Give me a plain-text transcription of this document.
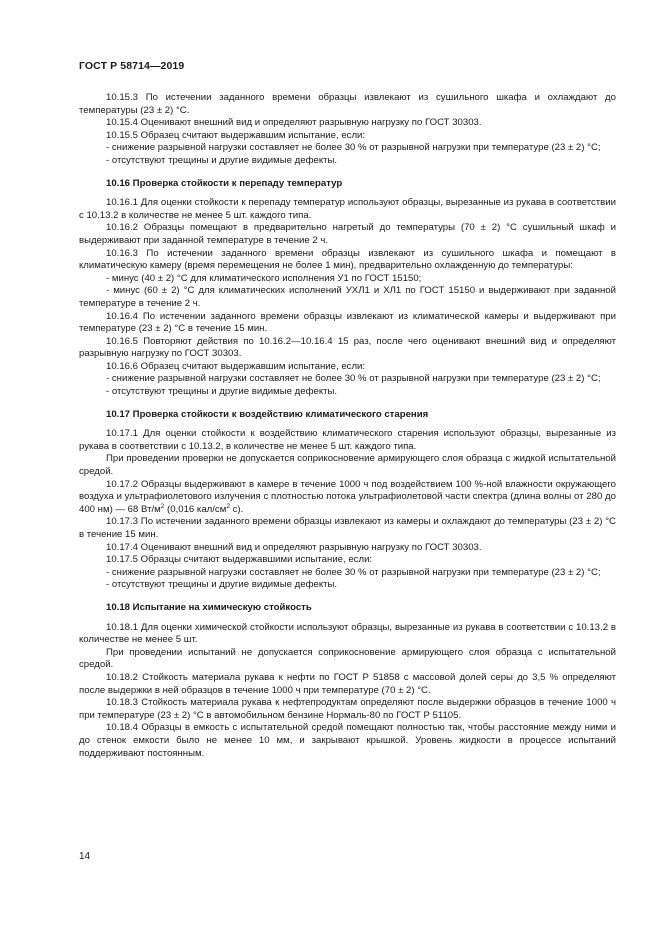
ГОСТ Р 58714—2019

10.15.3 По истечении заданного времени образцы извлекают из сушильного шкафа и охлаждают до температуры (23 ± 2) °С.

10.15.4 Оценивают внешний вид и определяют разрывную нагрузку по ГОСТ 30303.

10.15.5 Образец считают выдержавшим испытание, если:

- снижение разрывной нагрузки составляет не более 30 % от разрывной нагрузки при температуре (23 ± 2) °С;

- отсутствуют трещины и другие видимые дефекты.

10.16 Проверка стойкости к перепаду температур

10.16.1 Для оценки стойкости к перепаду температур используют образцы, вырезанные из рукава в соответствии с 10.13.2 в количестве не менее 5 шт. каждого типа.

10.16.2 Образцы помещают в предварительно нагретый до температуры (70 ± 2) °С сушильный шкаф и выдерживают при заданной температуре в течение 2 ч.

10.16.3 По истечении заданного времени образцы извлекают из сушильного шкафа и помещают в климатическую камеру (время перемещения не более 1 мин), предварительно охлажденную до температуры:

- минус (40 ± 2) °С для климатического исполнения У1 по ГОСТ 15150;

- минус (60 ± 2) °С для климатических исполнений УХЛ1 и ХЛ1 по ГОСТ 15150 и выдерживают при заданной температуре в течение 2 ч.

10.16.4 По истечении заданного времени образцы извлекают из климатической камеры и выдерживают при температуре (23 ± 2) °С в течение 15 мин.

10.16.5 Повторяют действия по 10.16.2—10.16.4 15 раз, после чего оценивают внешний вид и определяют разрывную нагрузку по ГОСТ 30303.

10.16.6 Образец считают выдержавшим испытание, если:

- снижение разрывной нагрузки составляет не более 30 % от разрывной нагрузки при температуре (23 ± 2) °С;

- отсутствуют трещины и другие видимые дефекты.

10.17 Проверка стойкости к воздействию климатического старения

10.17.1 Для оценки стойкости к воздействию климатического старения используют образцы, вырезанные из рукава в соответствии с 10.13.2, в количестве не менее 5 шт. каждого типа.

При проведении проверки не допускается соприкосновение армирующего слоя образца с жидкой испытательной средой.

10.17.2 Образцы выдерживают в камере в течение 1000 ч под воздействием 100 %-ной влажности окружающего воздуха и ультрафиолетового излучения с плотностью потока ультрафиолетовой части спектра (длина волны от 280 до 400 нм) — 68 $Вт/м^2$ (0,016 кал/$см^2$ с).

10.17.3 По истечении заданного времени образцы извлекают из камеры и охлаждают до температуры (23 ± 2) °С в течение 15 мин.

10.17.4 Оценивают внешний вид и определяют разрывную нагрузку по ГОСТ 30303.

10.17.5 Образцы считают выдержавшими испытание, если:

- снижение разрывной нагрузки составляет не более 30 % от разрывной нагрузки при температуре (23 ± 2) °С;

- отсутствуют трещины и другие видимые дефекты.

10.18 Испытание на химическую стойкость

10.18.1 Для оценки химической стойкости используют образцы, вырезанные из рукава в соответствии с 10.13.2 в количестве не менее 5 шт.

При проведении испытаний не допускается соприкосновение армирующего слоя образца с испытательной средой.

10.18.2 Стойкость материала рукава к нефти по ГОСТ Р 51858 с массовой долей серы до 3,5 % определяют после выдержки в ней образцов в течение 1000 ч при температуре (70 ± 2) °С.

10.18.3 Стойкость материала рукава к нефтепродуктам определяют после выдержки образцов в течение 1000 ч при температуре (23 ± 2) °С в автомобильном бензине Нормаль-80 по ГОСТ Р 51105.

10.18.4 Образцы в емкость с испытательной средой помещают полностью так, чтобы расстояние между ними и до стенок емкости было не менее 10 мм, и закрывают крышкой. Уровень жидкости в процессе испытаний поддерживают постоянным.

14
